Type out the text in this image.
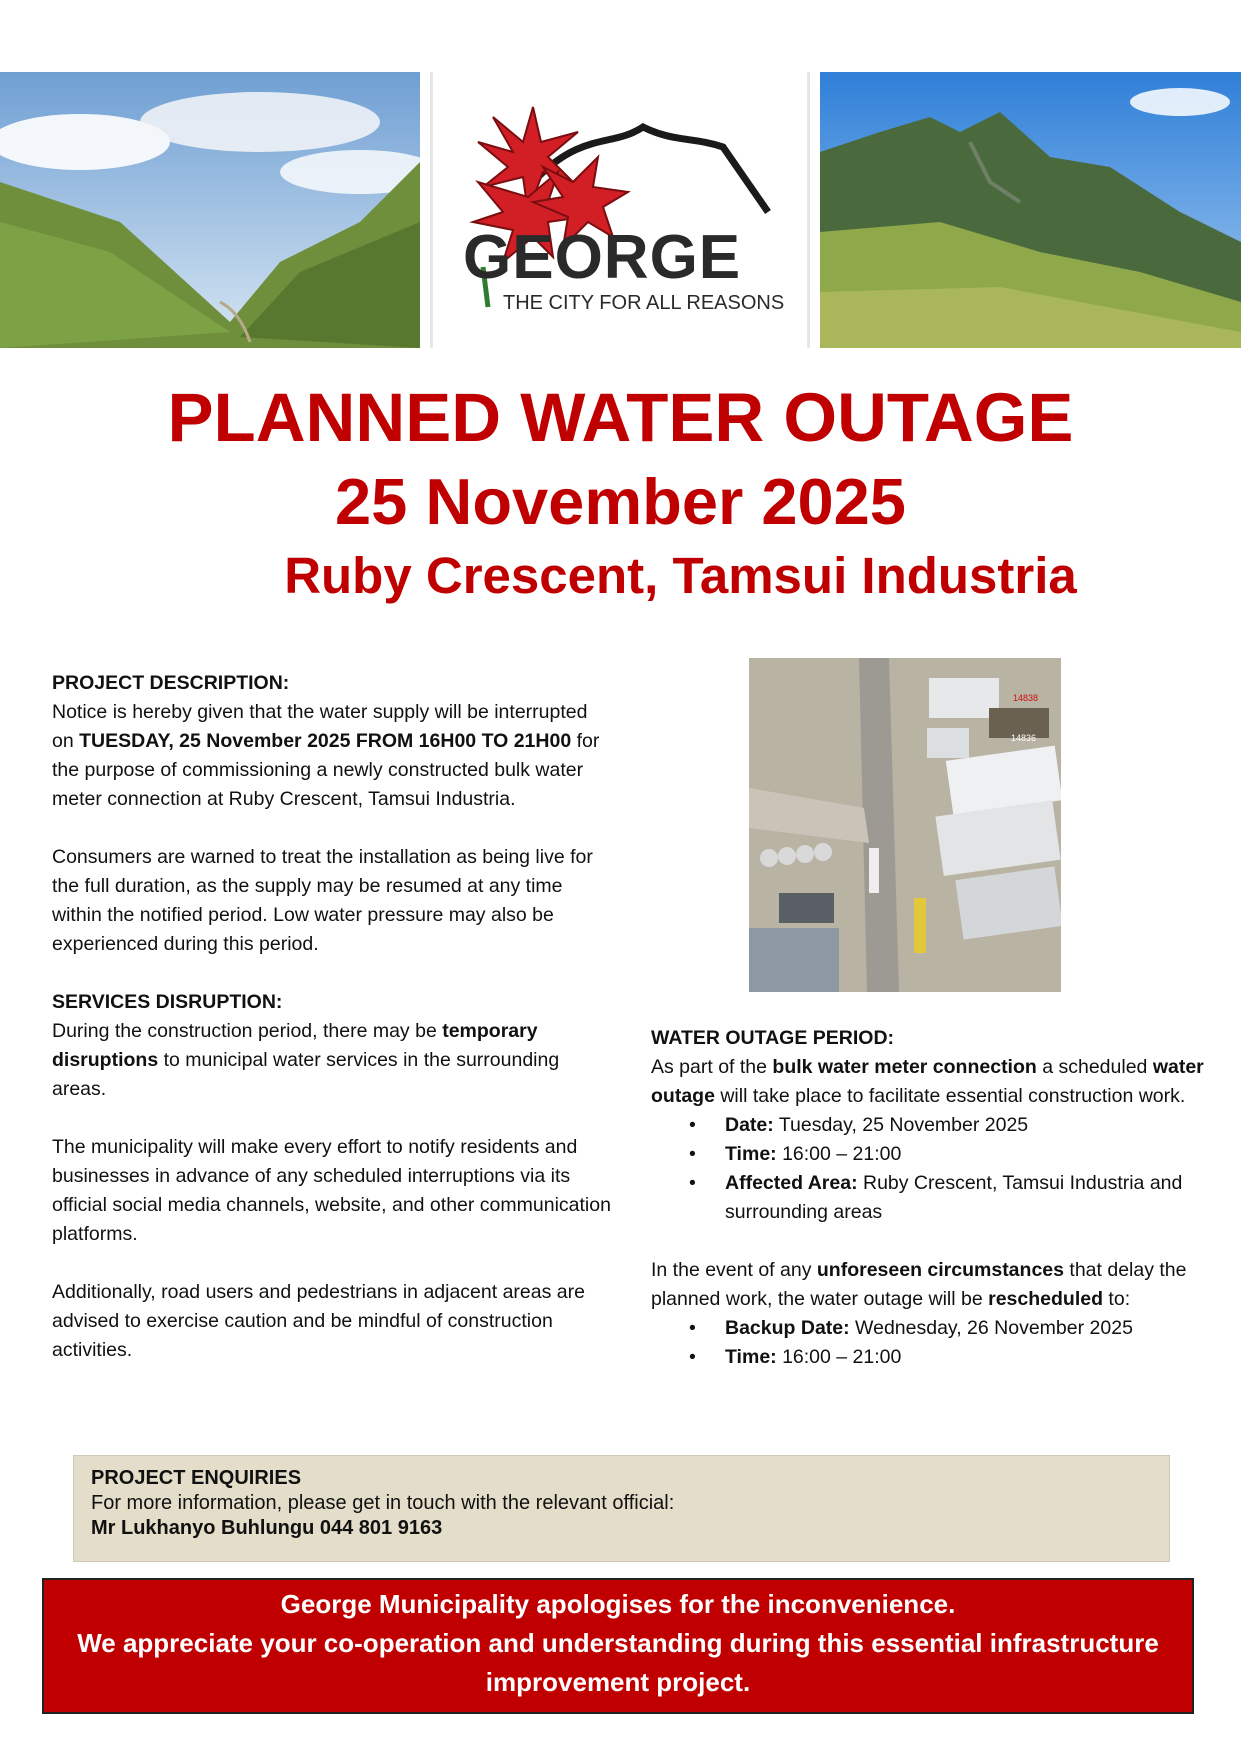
GEORGE
THE CITY FOR ALL REASONS
PLANNED WATER OUTAGE
25 November 2025
Ruby Crescent, Tamsui Industria

PROJECT DESCRIPTION:

Notice is hereby given that the water supply will be interrupted on TUESDAY, 25 November 2025 FROM 16H00 TO 21H00 for the purpose of commissioning a newly constructed bulk water meter connection at Ruby Crescent, Tamsui Industria.

Consumers are warned to treat the installation as being live for the full duration, as the supply may be resumed at any time within the notified period. Low water pressure may also be experienced during this period.

SERVICES DISRUPTION:

During the construction period, there may be temporary disruptions to municipal water services in the surrounding areas.

The municipality will make every effort to notify residents and businesses in advance of any scheduled interruptions via its official social media channels, website, and other communication platforms.

Additionally, road users and pedestrians in adjacent areas are advised to exercise caution and be mindful of construction activities.

14838
14836

WATER OUTAGE PERIOD:

As part of the bulk water meter connection a scheduled water outage will take place to facilitate essential construction work.

• Date: Tuesday, 25 November 2025
• Time: 16:00 – 21:00
• Affected Area: Ruby Crescent, Tamsui Industria and surrounding areas

In the event of any unforeseen circumstances that delay the planned work, the water outage will be rescheduled to:

• Backup Date: Wednesday, 26 November 2025
• Time: 16:00 – 21:00

PROJECT ENQUIRIES

For more information, please get in touch with the relevant official:

Mr Lukhanyo Buhlungu 044 801 9163

George Municipality apologises for the inconvenience.

We appreciate your co-operation and understanding during this essential infrastructure improvement project.
